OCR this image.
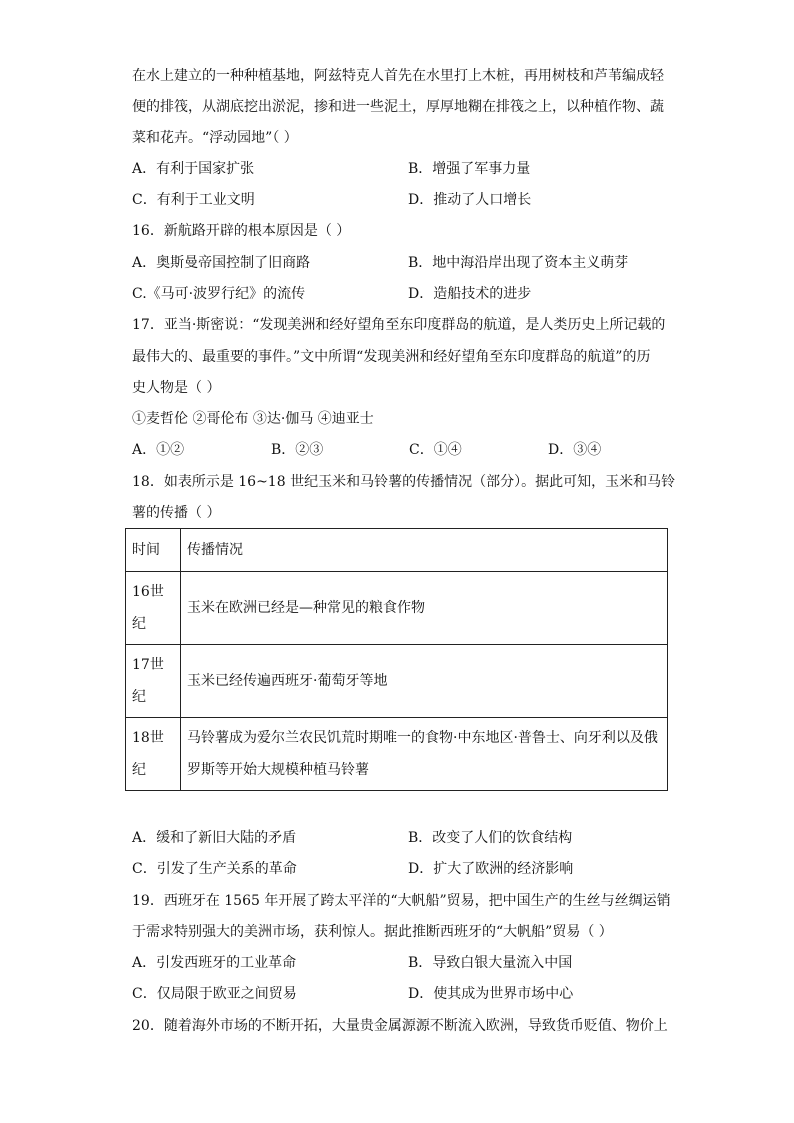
在水上建立的一种种植基地，阿兹特克人首先在水里打上木桩，再用树枝和芦苇编成轻
便的排筏，从湖底挖出淤泥，掺和进一些泥土，厚厚地糊在排筏之上，以种植作物、蔬
菜和花卉。“浮动园地”（ ）
A．有利于国家扩张	B．增强了军事力量
C．有利于工业文明	D．推动了人口增长
16．新航路开辟的根本原因是（ ）
A．奥斯曼帝国控制了旧商路	B．地中海沿岸出现了资本主义萌芽
C.《马可·波罗行纪》的流传	D．造船技术的进步
17．亚当·斯密说：“发现美洲和经好望角至东印度群岛的航道，是人类历史上所记载的
最伟大的、最重要的事件。”文中所谓“发现美洲和经好望角至东印度群岛的航道”的历
史人物是（ ）
①麦哲伦 ②哥伦布 ③达·伽马 ④迪亚士
A．①②	B．②③	C．①④	D．③④
18．如表所示是 16~18 世纪玉米和马铃薯的传播情况（部分）。据此可知，玉米和马铃
薯的传播（ ）
时间	传播情况
16世纪	玉米在欧洲已经是—种常见的粮食作物
17世纪	玉米已经传遍西班牙·葡萄牙等地
18世纪	马铃薯成为爱尔兰农民饥荒时期唯一的食物·中东地区·普鲁士、向牙利以及俄罗斯等开始大规模种植马铃薯
A．缓和了新旧大陆的矛盾	B．改变了人们的饮食结构
C．引发了生产关系的革命	D．扩大了欧洲的经济影响
19．西班牙在 1565 年开展了跨太平洋的“大帆船”贸易，把中国生产的生丝与丝绸运销
于需求特别强大的美洲市场，获利惊人。据此推断西班牙的“大帆船”贸易（ ）
A．引发西班牙的工业革命	B．导致白银大量流入中国
C．仅局限于欧亚之间贸易	D．使其成为世界市场中心
20．随着海外市场的不断开拓，大量贵金属源源不断流入欧洲，导致货币贬值、物价上
